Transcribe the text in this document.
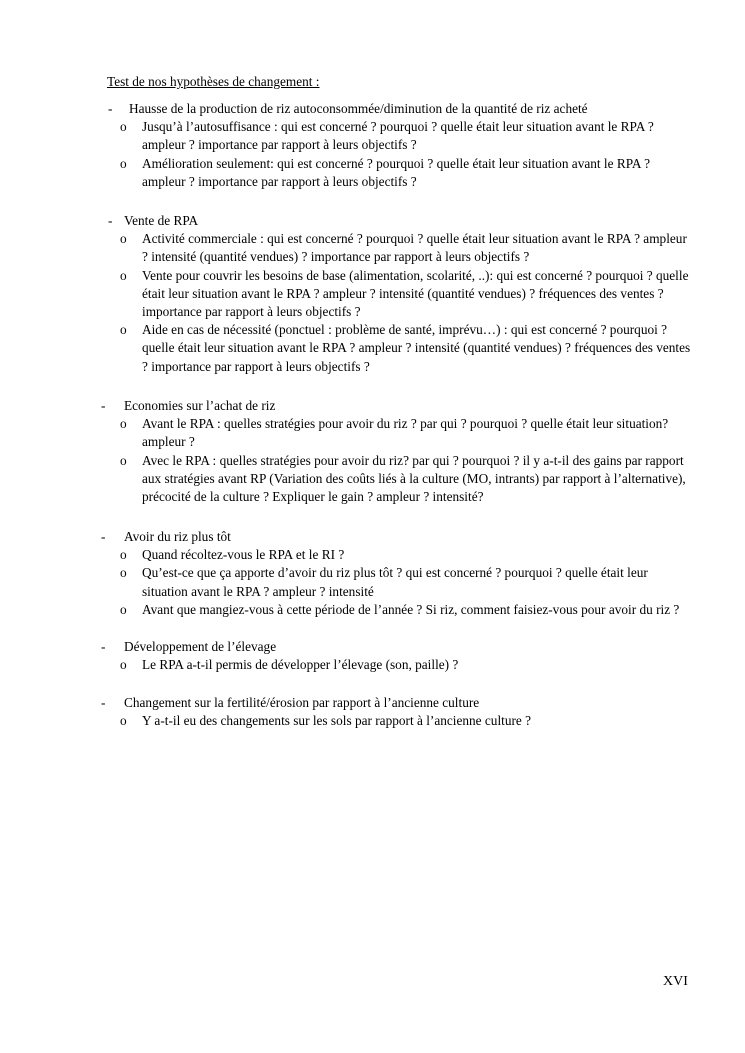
Test de nos hypothèses de changement :
- Hausse de la production de riz autoconsommée/diminution de la quantité de riz acheté
o Jusqu’à l’autosuffisance : qui est concerné ? pourquoi ? quelle était leur situation avant le RPA ? ampleur ? importance par rapport à leurs objectifs ?
o Amélioration seulement: qui est concerné ? pourquoi ? quelle était leur situation avant le RPA ? ampleur ? importance par rapport à leurs objectifs ?
- Vente de RPA
o Activité commerciale : qui est concerné ? pourquoi ? quelle était leur situation avant le RPA ? ampleur ? intensité (quantité vendues) ? importance par rapport à leurs objectifs ?
o Vente pour couvrir les besoins de base (alimentation, scolarité, ..): qui est concerné ? pourquoi ? quelle était leur situation avant le RPA ? ampleur ? intensité (quantité vendues) ? fréquences des ventes ? importance par rapport à leurs objectifs ?
o Aide en cas de nécessité (ponctuel : problème de santé, imprévu…) : qui est concerné ? pourquoi ? quelle était leur situation avant le RPA ? ampleur ? intensité (quantité vendues) ? fréquences des ventes ? importance par rapport à leurs objectifs ?
- Economies sur l’achat de riz
o Avant le RPA : quelles stratégies pour avoir du riz ? par qui ? pourquoi ? quelle était leur situation? ampleur ?
o Avec le RPA : quelles stratégies pour avoir du riz? par qui ? pourquoi ? il y a-t-il des gains par rapport aux stratégies avant RP (Variation des coûts liés à la culture (MO, intrants) par rapport à l’alternative), précocité de la culture ? Expliquer le gain ? ampleur ? intensité?
- Avoir du riz plus tôt
o Quand récoltez-vous le RPA et le RI ?
o Qu’est-ce que ça apporte d’avoir du riz plus tôt ? qui est concerné ? pourquoi ? quelle était leur situation avant le RPA ? ampleur ? intensité
o Avant que mangiez-vous à cette période de l’année ? Si riz, comment faisiez-vous pour avoir du riz ?
- Développement de l’élevage
o Le RPA a-t-il permis de développer l’élevage (son, paille) ?
- Changement sur la fertilité/érosion par rapport à l’ancienne culture
o Y a-t-il eu des changements sur les sols par rapport à l’ancienne culture ?
XVI
